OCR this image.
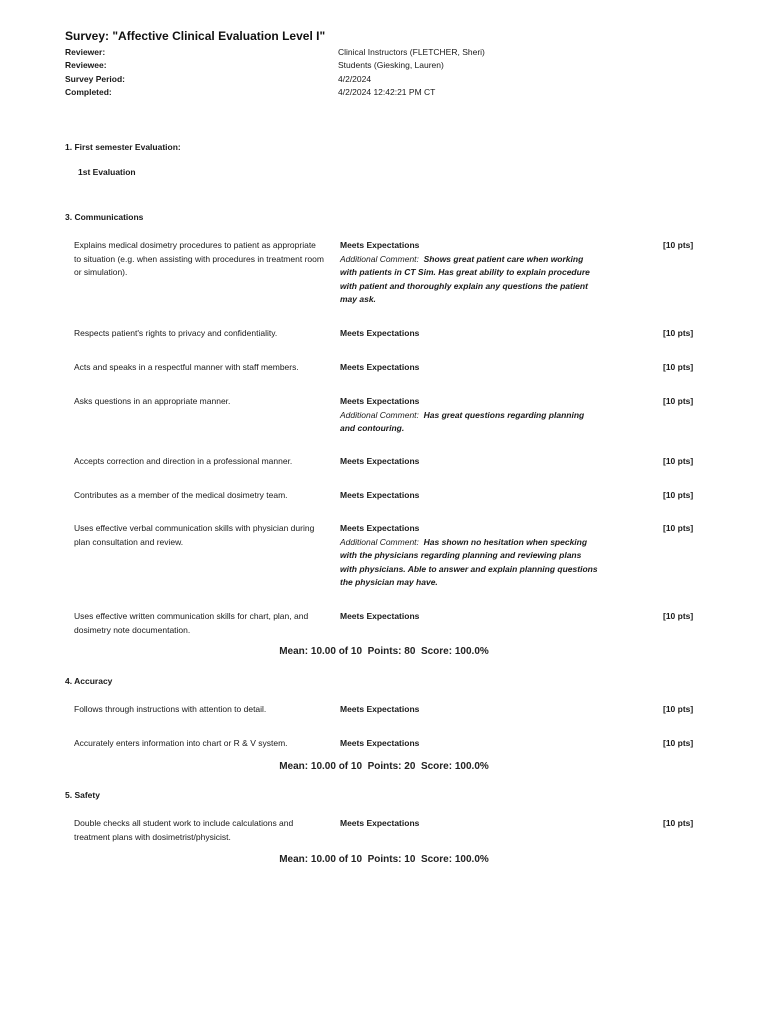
Survey: "Affective Clinical Evaluation Level I"
Reviewer:	Clinical Instructors (FLETCHER, Sheri)
Reviewee:	Students (Giesking, Lauren)
Survey Period:	4/2/2024
Completed:	4/2/2024 12:42:21 PM CT
1. First semester Evaluation:
1st Evaluation
3. Communications
Explains medical dosimetry procedures to patient as appropriate to situation (e.g. when assisting with procedures in treatment room or simulation).
Meets Expectations
Additional Comment: Shows great patient care when working with patients in CT Sim. Has great ability to explain procedure with patient and thoroughly explain any questions the patient may ask.
[10 pts]
Respects patient's rights to privacy and confidentiality.	Meets Expectations	[10 pts]
Acts and speaks in a respectful manner with staff members.	Meets Expectations	[10 pts]
Asks questions in an appropriate manner.	Meets Expectations
Additional Comment: Has great questions regarding planning and contouring.
[10 pts]
Accepts correction and direction in a professional manner.	Meets Expectations	[10 pts]
Contributes as a member of the medical dosimetry team.	Meets Expectations	[10 pts]
Uses effective verbal communication skills with physician during plan consultation and review.
Meets Expectations
Additional Comment: Has shown no hesitation when specking with the physicians regarding planning and reviewing plans with physicians. Able to answer and explain planning questions the physician may have.
[10 pts]
Uses effective written communication skills for chart, plan, and dosimetry note documentation.
Meets Expectations	[10 pts]
Mean: 10.00 of 10 Points: 80 Score: 100.0%
4. Accuracy
Follows through instructions with attention to detail.	Meets Expectations	[10 pts]
Accurately enters information into chart or R & V system.	Meets Expectations	[10 pts]
Mean: 10.00 of 10 Points: 20 Score: 100.0%
5. Safety
Double checks all student work to include calculations and treatment plans with dosimetrist/physicist.
Meets Expectations	[10 pts]
Mean: 10.00 of 10 Points: 10 Score: 100.0%
